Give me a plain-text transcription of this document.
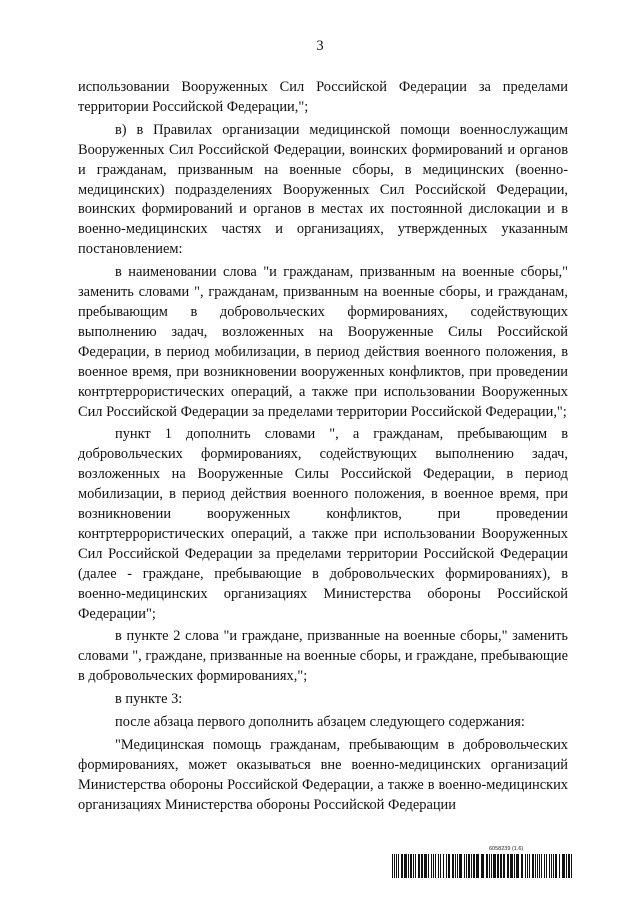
3

использовании Вооруженных Сил Российской Федерации за пределами территории Российской Федерации,";

в) в Правилах организации медицинской помощи военнослужащим Вооруженных Сил Российской Федерации, воинских формирований и органов и гражданам, призванным на военные сборы, в медицинских (военно-медицинских) подразделениях Вооруженных Сил Российской Федерации, воинских формирований и органов в местах их постоянной дислокации и в военно-медицинских частях и организациях, утвержденных указанным постановлением:

в наименовании слова "и гражданам, призванным на военные сборы," заменить словами ", гражданам, призванным на военные сборы, и гражданам, пребывающим в добровольческих формированиях, содействующих выполнению задач, возложенных на Вооруженные Силы Российской Федерации, в период мобилизации, в период действия военного положения, в военное время, при возникновении вооруженных конфликтов, при проведении контртеррористических операций, а также при использовании Вооруженных Сил Российской Федерации за пределами территории Российской Федерации,";

пункт 1 дополнить словами ", а гражданам, пребывающим в добровольческих формированиях, содействующих выполнению задач, возложенных на Вооруженные Силы Российской Федерации, в период мобилизации, в период действия военного положения, в военное время, при возникновении вооруженных конфликтов, при проведении контртеррористических операций, а также при использовании Вооруженных Сил Российской Федерации за пределами территории Российской Федерации (далее - граждане, пребывающие в добровольческих формированиях), в военно-медицинских организациях Министерства обороны Российской Федерации";

в пункте 2 слова "и граждане, призванные на военные сборы," заменить словами ", граждане, призванные на военные сборы, и граждане, пребывающие в добровольческих формированиях,";

в пункте 3:

после абзаца первого дополнить абзацем следующего содержания:

"Медицинская помощь гражданам, пребывающим в добровольческих формированиях, может оказываться вне военно-медицинских организаций Министерства обороны Российской Федерации, а также в военно-медицинских организациях Министерства обороны Российской Федерации

6058239 (1.6)
